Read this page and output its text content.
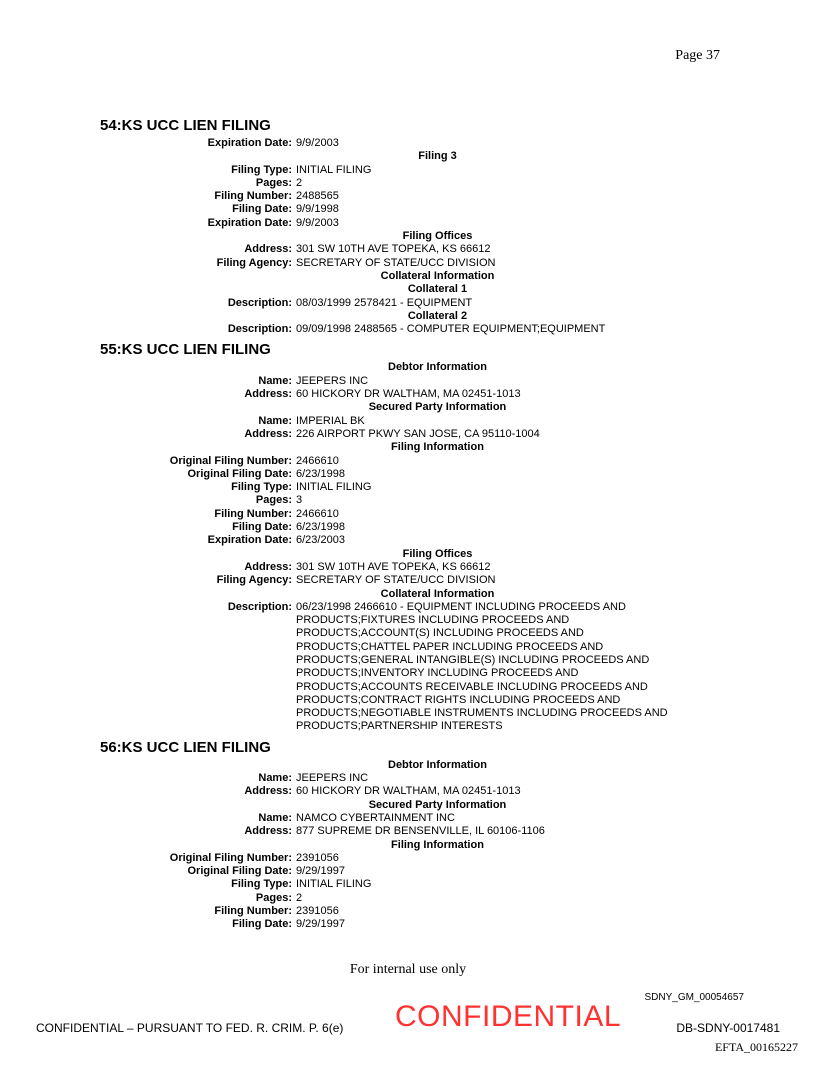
Page 37
54:KS UCC LIEN FILING
Expiration Date: 9/9/2003
Filing 3
Filing Type: INITIAL FILING
Pages: 2
Filing Number: 2488565
Filing Date: 9/9/1998
Expiration Date: 9/9/2003
Filing Offices
Address: 301 SW 10TH AVE TOPEKA, KS 66612
Filing Agency: SECRETARY OF STATE/UCC DIVISION
Collateral Information
Collateral 1
Description: 08/03/1999 2578421 - EQUIPMENT
Collateral 2
Description: 09/09/1998 2488565 - COMPUTER EQUIPMENT;EQUIPMENT
55:KS UCC LIEN FILING
Debtor Information
Name: JEEPERS INC
Address: 60 HICKORY DR WALTHAM, MA 02451-1013
Secured Party Information
Name: IMPERIAL BK
Address: 226 AIRPORT PKWY SAN JOSE, CA 95110-1004
Filing Information
Original Filing Number: 2466610
Original Filing Date: 6/23/1998
Filing Type: INITIAL FILING
Pages: 3
Filing Number: 2466610
Filing Date: 6/23/1998
Expiration Date: 6/23/2003
Filing Offices
Address: 301 SW 10TH AVE TOPEKA, KS 66612
Filing Agency: SECRETARY OF STATE/UCC DIVISION
Collateral Information
Description: 06/23/1998 2466610 - EQUIPMENT INCLUDING PROCEEDS AND
PRODUCTS;FIXTURES INCLUDING PROCEEDS AND
PRODUCTS;ACCOUNT(S) INCLUDING PROCEEDS AND
PRODUCTS;CHATTEL PAPER INCLUDING PROCEEDS AND
PRODUCTS;GENERAL INTANGIBLE(S) INCLUDING PROCEEDS AND
PRODUCTS;INVENTORY INCLUDING PROCEEDS AND
PRODUCTS;ACCOUNTS RECEIVABLE INCLUDING PROCEEDS AND
PRODUCTS;CONTRACT RIGHTS INCLUDING PROCEEDS AND
PRODUCTS;NEGOTIABLE INSTRUMENTS INCLUDING PROCEEDS AND
PRODUCTS;PARTNERSHIP INTERESTS
56:KS UCC LIEN FILING
Debtor Information
Name: JEEPERS INC
Address: 60 HICKORY DR WALTHAM, MA 02451-1013
Secured Party Information
Name: NAMCO CYBERTAINMENT INC
Address: 877 SUPREME DR BENSENVILLE, IL 60106-1106
Filing Information
Original Filing Number: 2391056
Original Filing Date: 9/29/1997
Filing Type: INITIAL FILING
Pages: 2
Filing Number: 2391056
Filing Date: 9/29/1997
For internal use only
SDNY_GM_00054657
CONFIDENTIAL – PURSUANT TO FED. R. CRIM. P. 6(e) CONFIDENTIAL	DB-SDNY-0017481
EFTA_00165227
